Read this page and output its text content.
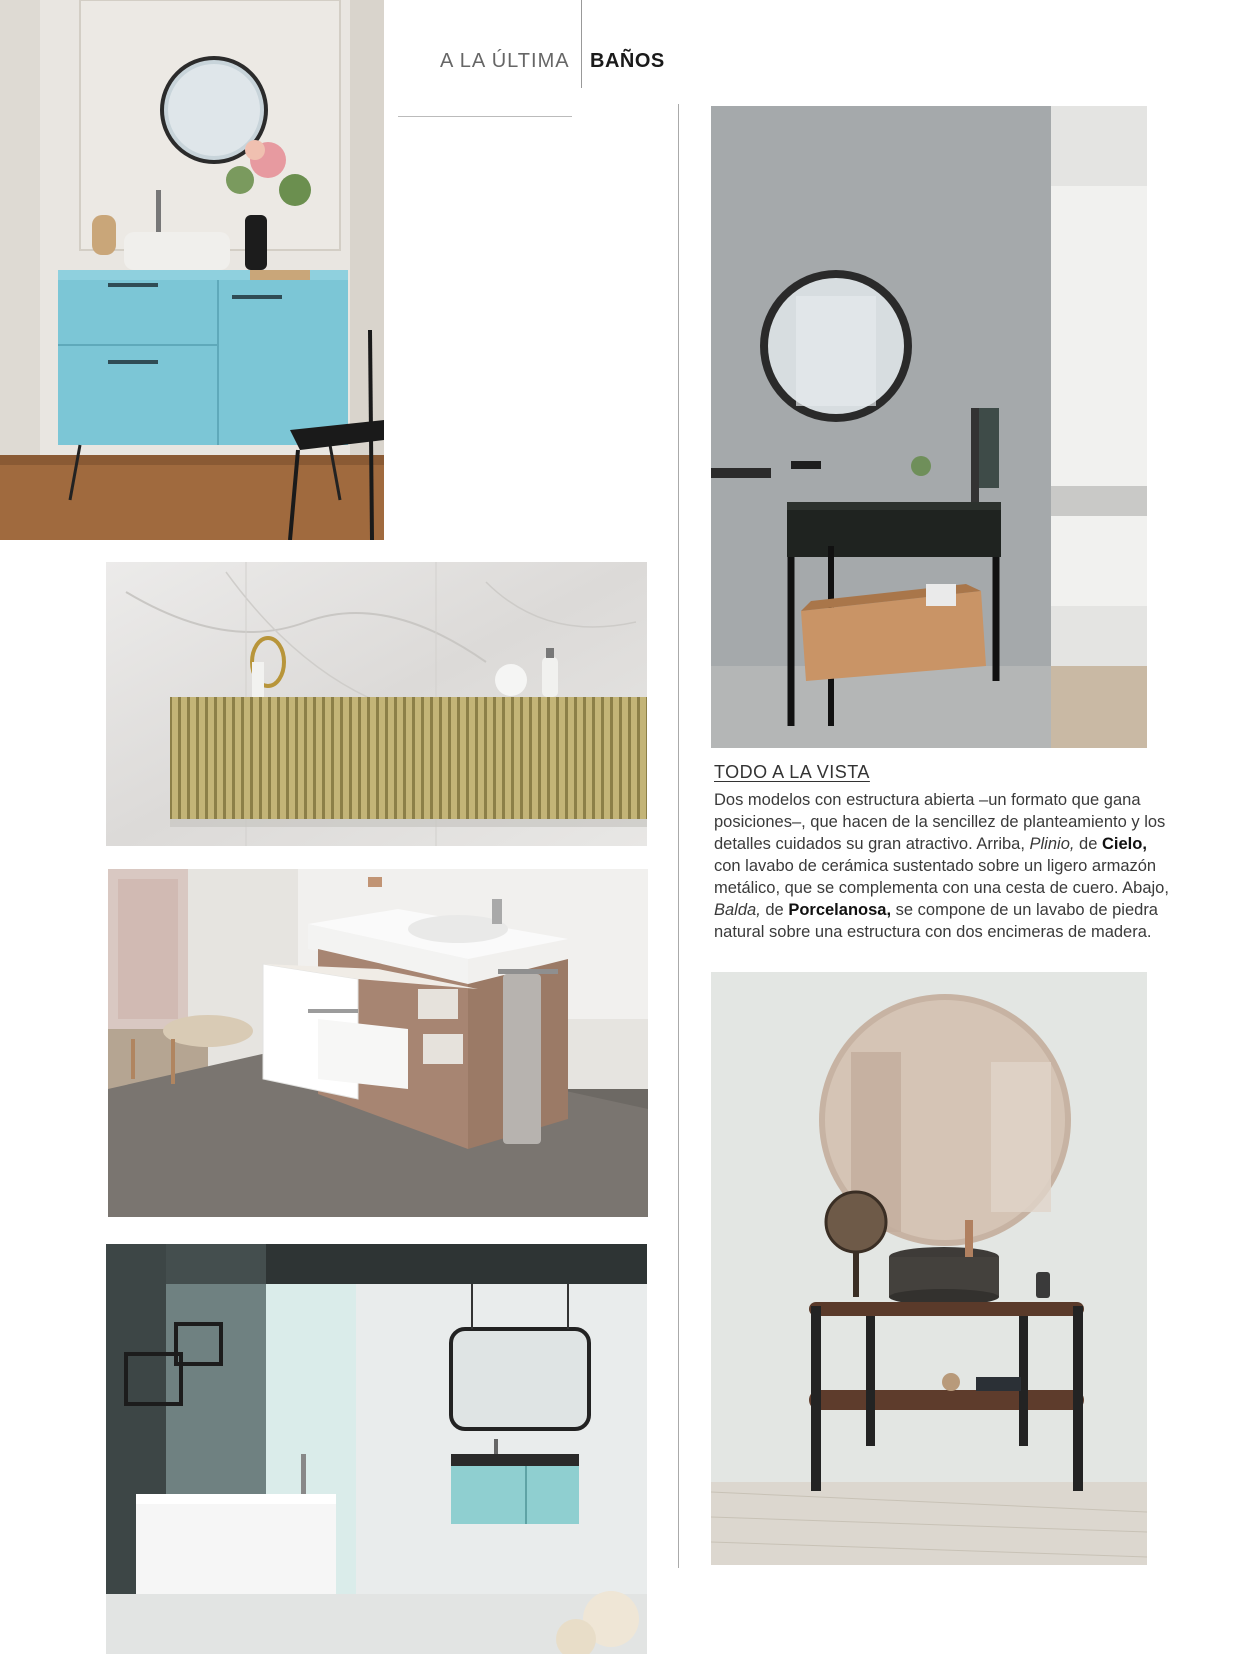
A LA ÚLTIMA BAÑOS
TODO A LA VISTA
Dos modelos con estructura abierta –un formato que gana posiciones–, que hacen de la sencillez de planteamiento y los detalles cuidados su gran atractivo. Arriba, Plinio, de Cielo, con lavabo de cerámica sustentado sobre un ligero armazón metálico, que se complementa con una cesta de cuero. Abajo, Balda, de Porcelanosa, se compone de un lavabo de piedra natural sobre una estructura con dos encimeras de madera.
